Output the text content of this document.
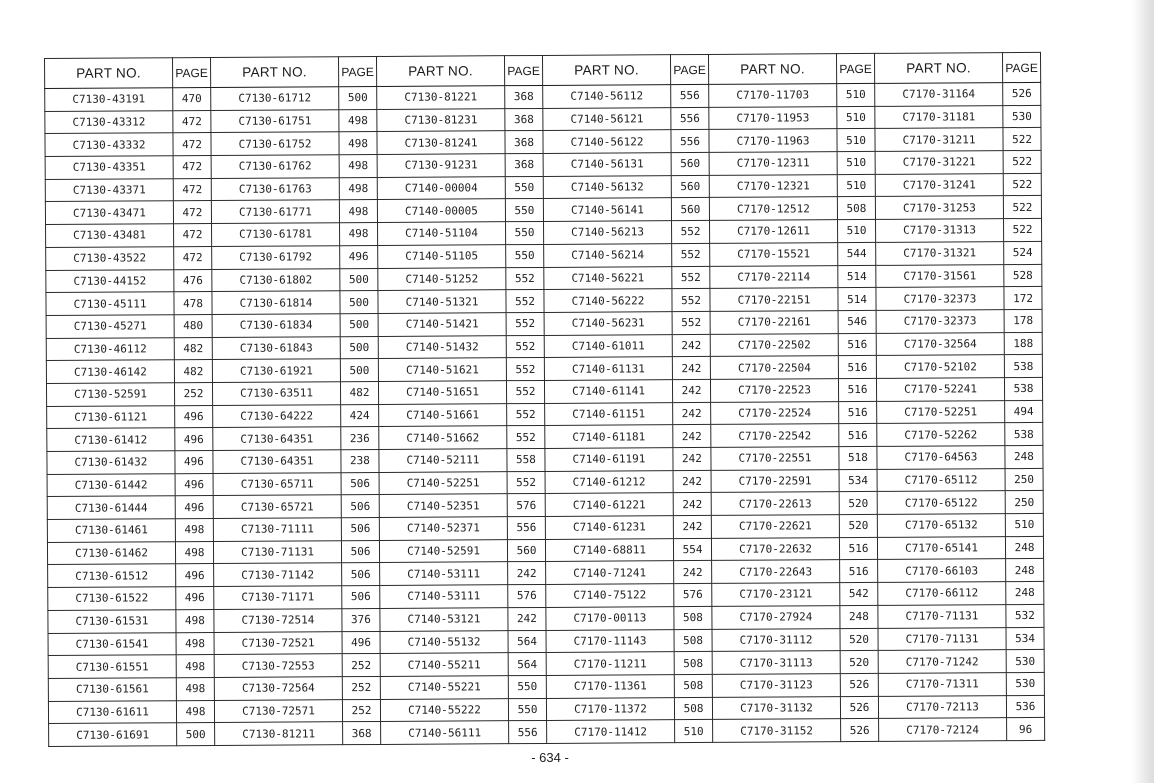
PART NO.	PAGE	PART NO.	PAGE	PART NO.	PAGE	PART NO.	PAGE	PART NO.	PAGE	PART NO.	PAGE
C7130-43191	470	C7130-61712	500	C7130-81221	368	C7140-56112	556	C7170-11703	510	C7170-31164	526
C7130-43312	472	C7130-61751	498	C7130-81231	368	C7140-56121	556	C7170-11953	510	C7170-31181	530
C7130-43332	472	C7130-61752	498	C7130-81241	368	C7140-56122	556	C7170-11963	510	C7170-31211	522
C7130-43351	472	C7130-61762	498	C7130-91231	368	C7140-56131	560	C7170-12311	510	C7170-31221	522
C7130-43371	472	C7130-61763	498	C7140-00004	550	C7140-56132	560	C7170-12321	510	C7170-31241	522
C7130-43471	472	C7130-61771	498	C7140-00005	550	C7140-56141	560	C7170-12512	508	C7170-31253	522
C7130-43481	472	C7130-61781	498	C7140-51104	550	C7140-56213	552	C7170-12611	510	C7170-31313	522
C7130-43522	472	C7130-61792	496	C7140-51105	550	C7140-56214	552	C7170-15521	544	C7170-31321	524
C7130-44152	476	C7130-61802	500	C7140-51252	552	C7140-56221	552	C7170-22114	514	C7170-31561	528
C7130-45111	478	C7130-61814	500	C7140-51321	552	C7140-56222	552	C7170-22151	514	C7170-32373	172
C7130-45271	480	C7130-61834	500	C7140-51421	552	C7140-56231	552	C7170-22161	546	C7170-32373	178
C7130-46112	482	C7130-61843	500	C7140-51432	552	C7140-61011	242	C7170-22502	516	C7170-32564	188
C7130-46142	482	C7130-61921	500	C7140-51621	552	C7140-61131	242	C7170-22504	516	C7170-52102	538
C7130-52591	252	C7130-63511	482	C7140-51651	552	C7140-61141	242	C7170-22523	516	C7170-52241	538
C7130-61121	496	C7130-64222	424	C7140-51661	552	C7140-61151	242	C7170-22524	516	C7170-52251	494
C7130-61412	496	C7130-64351	236	C7140-51662	552	C7140-61181	242	C7170-22542	516	C7170-52262	538
C7130-61432	496	C7130-64351	238	C7140-52111	558	C7140-61191	242	C7170-22551	518	C7170-64563	248
C7130-61442	496	C7130-65711	506	C7140-52251	552	C7140-61212	242	C7170-22591	534	C7170-65112	250
C7130-61444	496	C7130-65721	506	C7140-52351	576	C7140-61221	242	C7170-22613	520	C7170-65122	250
C7130-61461	498	C7130-71111	506	C7140-52371	556	C7140-61231	242	C7170-22621	520	C7170-65132	510
C7130-61462	498	C7130-71131	506	C7140-52591	560	C7140-68811	554	C7170-22632	516	C7170-65141	248
C7130-61512	496	C7130-71142	506	C7140-53111	242	C7140-71241	242	C7170-22643	516	C7170-66103	248
C7130-61522	496	C7130-71171	506	C7140-53111	576	C7140-75122	576	C7170-23121	542	C7170-66112	248
C7130-61531	498	C7130-72514	376	C7140-53121	242	C7170-00113	508	C7170-27924	248	C7170-71131	532
C7130-61541	498	C7130-72521	496	C7140-55132	564	C7170-11143	508	C7170-31112	520	C7170-71131	534
C7130-61551	498	C7130-72553	252	C7140-55211	564	C7170-11211	508	C7170-31113	520	C7170-71242	530
C7130-61561	498	C7130-72564	252	C7140-55221	550	C7170-11361	508	C7170-31123	526	C7170-71311	530
C7130-61611	498	C7130-72571	252	C7140-55222	550	C7170-11372	508	C7170-31132	526	C7170-72113	536
C7130-61691	500	C7130-81211	368	C7140-56111	556	C7170-11412	510	C7170-31152	526	C7170-72124	96
- 634 -
